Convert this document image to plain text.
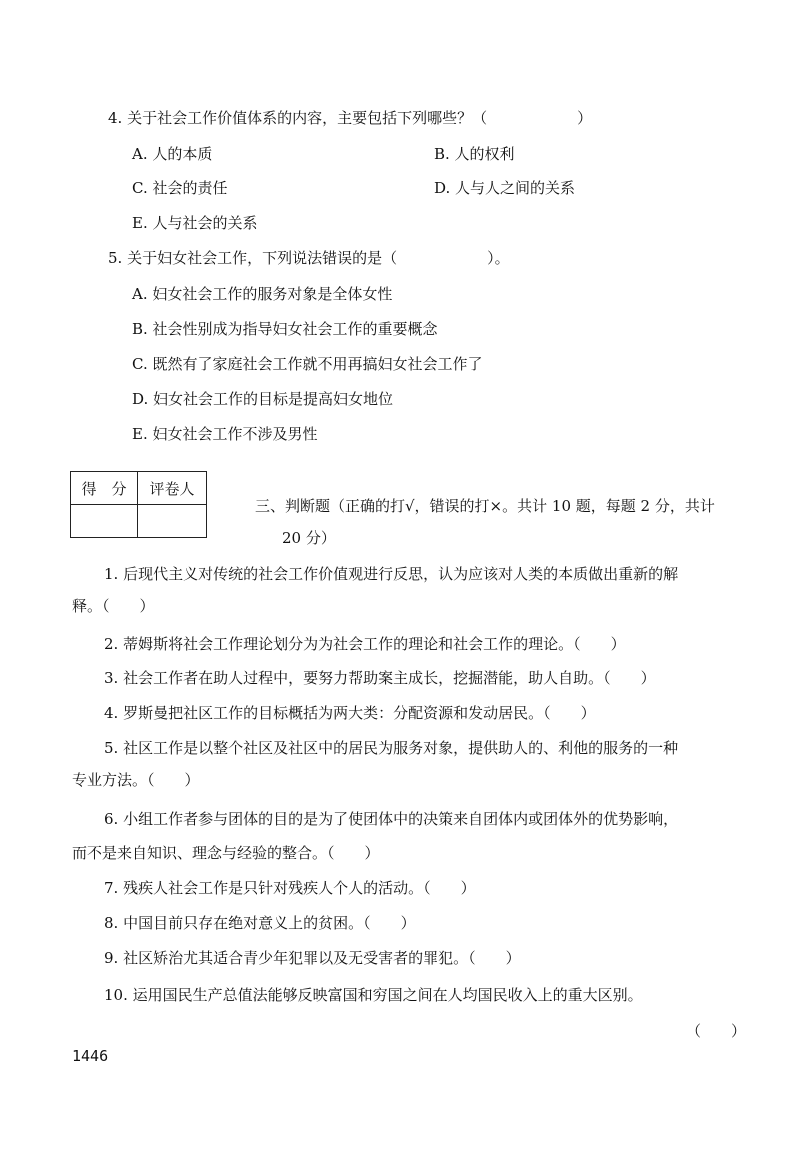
4. 关于社会工作价值体系的内容，主要包括下列哪些？（　　　　　　）
A. 人的本质	B. 人的权利
C. 社会的责任	D. 人与人之间的关系
E. 人与社会的关系
5. 关于妇女社会工作，下列说法错误的是（　　　　　　）。
A. 妇女社会工作的服务对象是全体女性
B. 社会性别成为指导妇女社会工作的重要概念
C. 既然有了家庭社会工作就不用再搞妇女社会工作了
D. 妇女社会工作的目标是提高妇女地位
E. 妇女社会工作不涉及男性
得　分	评卷人

三、判断题（正确的打√，错误的打×。共计 10 题，每题 2 分，共计
20 分）
1. 后现代主义对传统的社会工作价值观进行反思，认为应该对人类的本质做出重新的解
释。（　　）
2. 蒂姆斯将社会工作理论划分为为社会工作的理论和社会工作的理论。（　　）
3. 社会工作者在助人过程中，要努力帮助案主成长，挖掘潜能，助人自助。（　　）
4. 罗斯曼把社区工作的目标概括为两大类：分配资源和发动居民。（　　）
5. 社区工作是以整个社区及社区中的居民为服务对象，提供助人的、利他的服务的一种
专业方法。（　　）
6. 小组工作者参与团体的目的是为了使团体中的决策来自团体内或团体外的优势影响，
而不是来自知识、理念与经验的整合。（　　）
7. 残疾人社会工作是只针对残疾人个人的活动。（　　）
8. 中国目前只存在绝对意义上的贫困。（　　）
9. 社区矫治尤其适合青少年犯罪以及无受害者的罪犯。（　　）
10. 运用国民生产总值法能够反映富国和穷国之间在人均国民收入上的重大区别。
（　　）
1446
